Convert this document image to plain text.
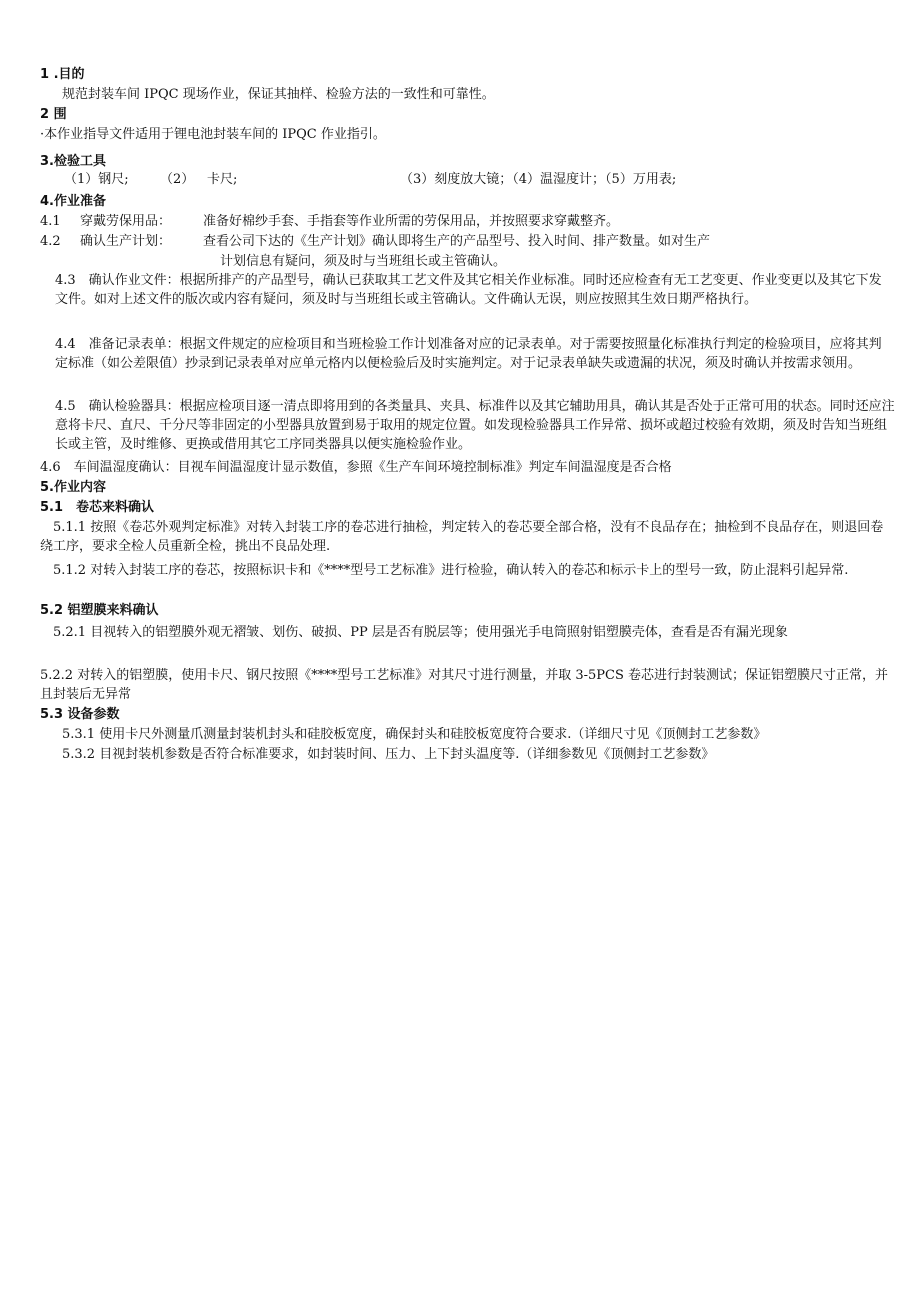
1 .目的
规范封装车间 IPQC 现场作业，保证其抽样、检验方法的一致性和可靠性。
2 围
·本作业指导文件适用于锂电池封装车间的 IPQC 作业指引。
3.检验工具
（1）钢尺; （2） 卡尺;	（3）刻度放大镜；（4）温湿度计；（5）万用表;
4.作业准备
4.1 穿戴劳保用品： 准备好棉纱手套、手指套等作业所需的劳保用品，并按照要求穿戴整齐。
4.2 确认生产计划： 查看公司下达的《生产计划》确认即将生产的产品型号、投入时间、排产数量。如对生产
计划信息有疑问，须及时与当班组长或主管确认。
4.3　确认作业文件：根据所排产的产品型号，确认已获取其工艺文件及其它相关作业标准。同时还应检查有无工艺变更、作业变更以及其它下发文件。如对上述文件的版次或内容有疑问，须及时与当班组长或主管确认。文件确认无误，则应按照其生效日期严格执行。
4.4　准备记录表单：根据文件规定的应检项目和当班检验工作计划准备对应的记录表单。对于需要按照量化标准执行判定的检验项目，应将其判定标准（如公差限值）抄录到记录表单对应单元格内以便检验后及时实施判定。对于记录表单缺失或遗漏的状况，须及时确认并按需求领用。
4.5　确认检验器具：根据应检项目逐一清点即将用到的各类量具、夹具、标准件以及其它辅助用具，确认其是否处于正常可用的状态。同时还应注意将卡尺、直尺、千分尺等非固定的小型器具放置到易于取用的规定位置。如发现检验器具工作异常、损坏或超过校验有效期，须及时告知当班组长或主管，及时维修、更换或借用其它工序同类器具以便实施检验作业。
4.6　车间温湿度确认：目视车间温湿度计显示数值，参照《生产车间环境控制标准》判定车间温湿度是否合格
5.作业内容
5.1　卷芯来料确认
　5.1.1 按照《卷芯外观判定标准》对转入封装工序的卷芯进行抽检，判定转入的卷芯要全部合格，没有不良品存在；抽检到不良品存在，则退回卷绕工序，要求全检人员重新全检，挑出不良品处理.
　5.1.2 对转入封装工序的卷芯，按照标识卡和《****型号工艺标准》进行检验，确认转入的卷芯和标示卡上的型号一致，防止混料引起异常.
5.2 铝塑膜来料确认
　5.2.1 目视转入的铝塑膜外观无褶皱、划伤、破损、PP 层是否有脱层等；使用强光手电筒照射铝塑膜壳体，查看是否有漏光现象
5.2.2 对转入的铝塑膜，使用卡尺、钢尺按照《****型号工艺标准》对其尺寸进行测量，并取 3-5PCS 卷芯进行封装测试；保证铝塑膜尺寸正常，并且封装后无异常
5.3 设备参数
5.3.1 使用卡尺外测量爪测量封装机封头和硅胶板宽度，确保封头和硅胶板宽度符合要求.（详细尺寸见《顶侧封工艺参数》
5.3.2 目视封装机参数是否符合标准要求，如封装时间、压力、上下封头温度等.（详细参数见《顶侧封工艺参数》
